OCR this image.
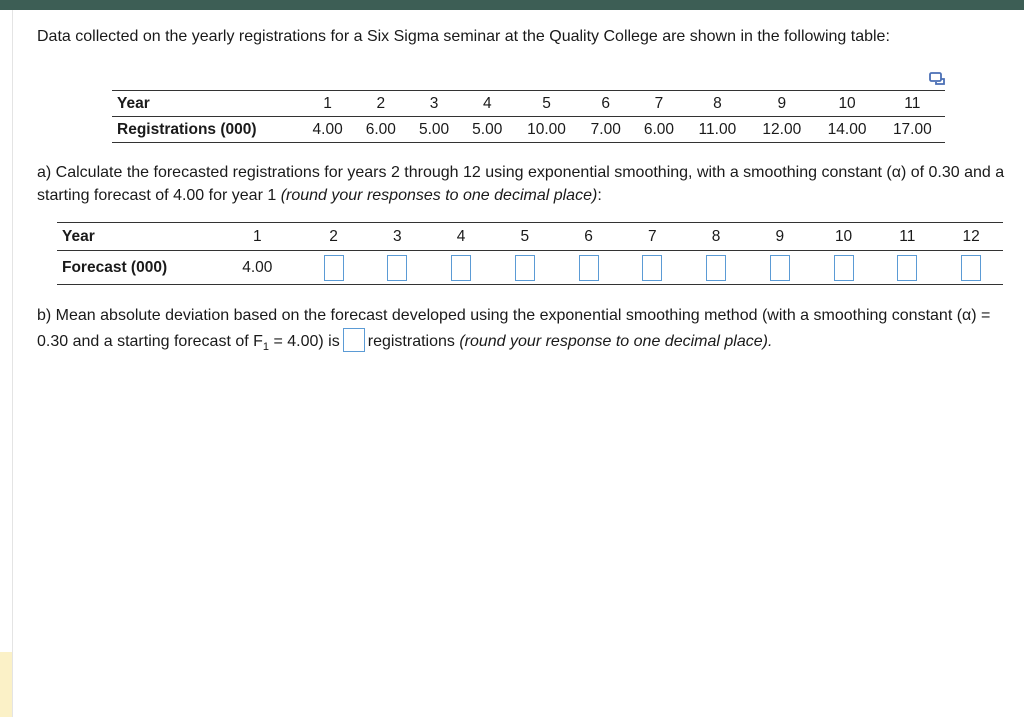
Data collected on the yearly registrations for a Six Sigma seminar at the Quality College are shown in the following table:
Year	1	2	3	4	5	6	7	8	9	10	11
Registrations (000)	4.00	6.00	5.00	5.00	10.00	7.00	6.00	11.00	12.00	14.00	17.00
a) Calculate the forecasted registrations for years 2 through 12 using exponential smoothing, with a smoothing constant (α) of 0.30 and a starting forecast of 4.00 for year 1 (round your responses to one decimal place):
Year	1	2	3	4	5	6	7	8	9	10	11	12
Forecast (000)	4.00											
b) Mean absolute deviation based on the forecast developed using the exponential smoothing method (with a smoothing constant (α) = 0.30 and a starting forecast of $F_1 = 4.00$) is registrations (round your response to one decimal place).
